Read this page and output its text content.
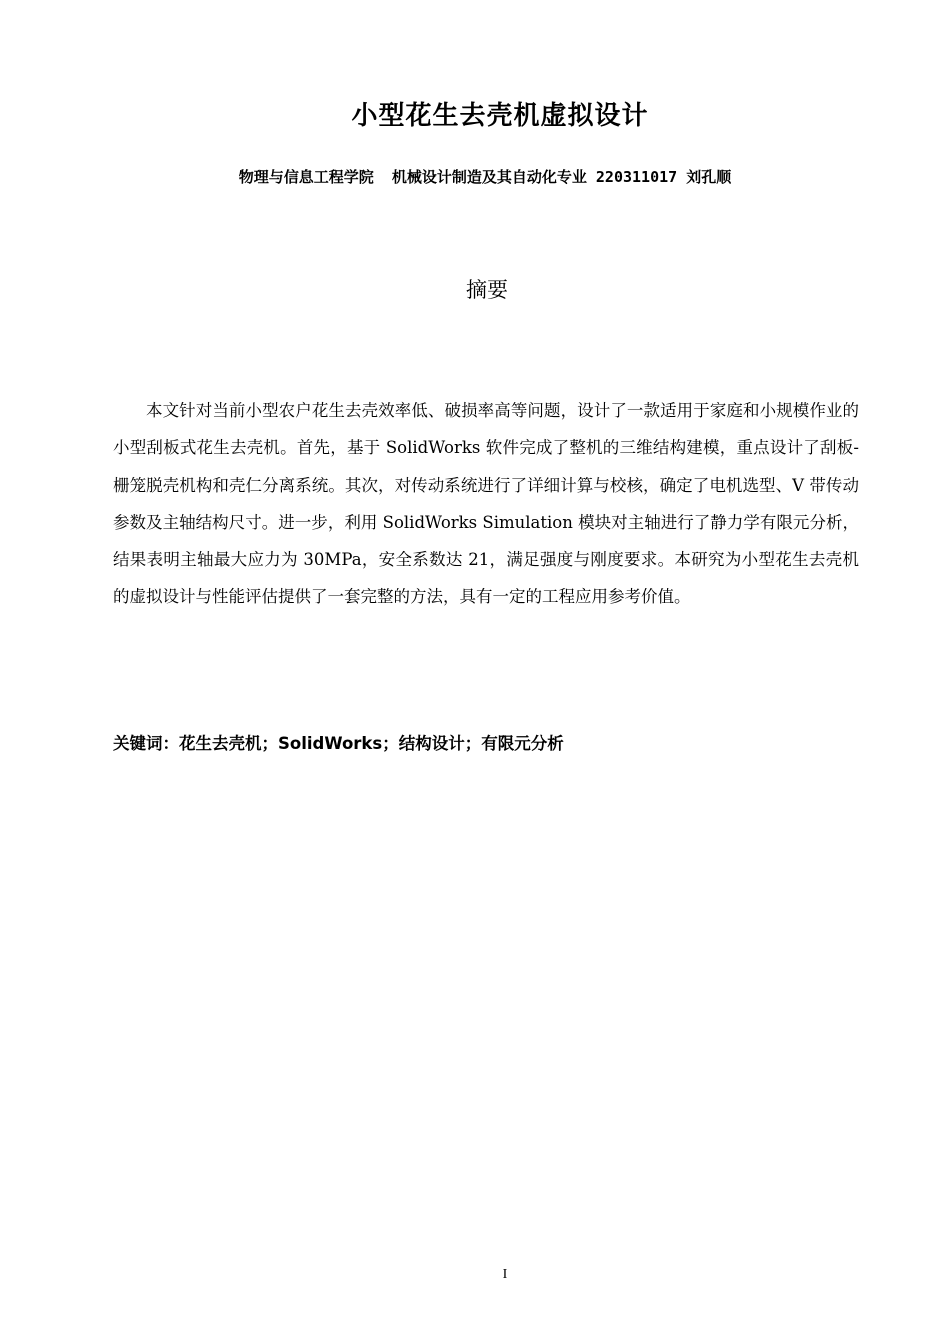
小型花生去壳机虚拟设计
物理与信息工程学院  机械设计制造及其自动化专业 220311017 刘孔顺
摘要

本文针对当前小型农户花生去壳效率低、破损率高等问题，设计了一款适用于家庭和小规模作业的小型刮板式花生去壳机。首先，基于 SolidWorks 软件完成了整机的三维结构建模，重点设计了刮板-栅笼脱壳机构和壳仁分离系统。其次，对传动系统进行了详细计算与校核，确定了电机选型、V 带传动参数及主轴结构尺寸。进一步，利用 SolidWorks Simulation 模块对主轴进行了静力学有限元分析，结果表明主轴最大应力为 30MPa，安全系数达 21，满足强度与刚度要求。本研究为小型花生去壳机的虚拟设计与性能评估提供了一套完整的方法，具有一定的工程应用参考价值。

关键词：花生去壳机；SolidWorks；结构设计；有限元分析
I
